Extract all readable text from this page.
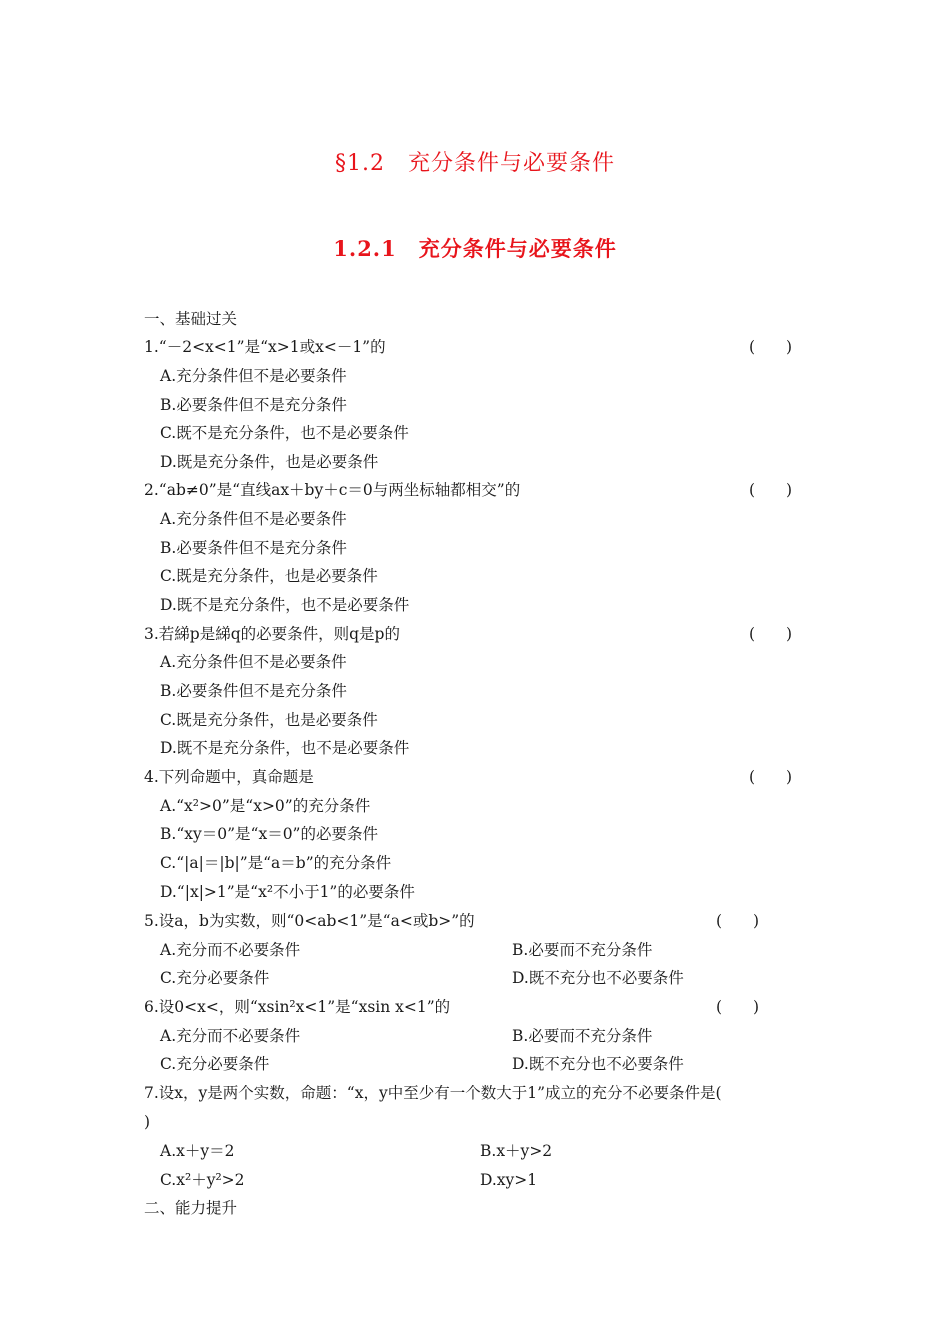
§1.2　充分条件与必要条件
1.2.1　充分条件与必要条件
一、基础过关
1.“－2<x<1”是“x>1或x<－1”的	(　　)
A.充分条件但不是必要条件
B.必要条件但不是充分条件
C.既不是充分条件，也不是必要条件
D.既是充分条件，也是必要条件
2.“ab≠0”是“直线ax＋by＋c＝0与两坐标轴都相交”的	(　　)
A.充分条件但不是必要条件
B.必要条件但不是充分条件
C.既是充分条件，也是必要条件
D.既不是充分条件，也不是必要条件
3.若綈p是綈q的必要条件，则q是p的	(　　)
A.充分条件但不是必要条件
B.必要条件但不是充分条件
C.既是充分条件，也是必要条件
D.既不是充分条件，也不是必要条件
4.下列命题中，真命题是	(　　)
A.“x²>0”是“x>0”的充分条件
B.“xy＝0”是“x＝0”的必要条件
C.“|a|＝|b|”是“a＝b”的充分条件
D.“|x|>1”是“x²不小于1”的必要条件
5.设a，b为实数，则“0<ab<1”是“a<或b>”的	(　　)
A.充分而不必要条件	B.必要而不充分条件
C.充分必要条件	D.既不充分也不必要条件
6.设0<x<，则“xsin²x<1”是“xsin x<1”的	(　　)
A.充分而不必要条件	B.必要而不充分条件
C.充分必要条件	D.既不充分也不必要条件
7.设x，y是两个实数，命题：“x，y中至少有一个数大于1”成立的充分不必要条件是(
)
A.x＋y＝2	B.x＋y>2
C.x²＋y²>2	D.xy>1
二、能力提升
